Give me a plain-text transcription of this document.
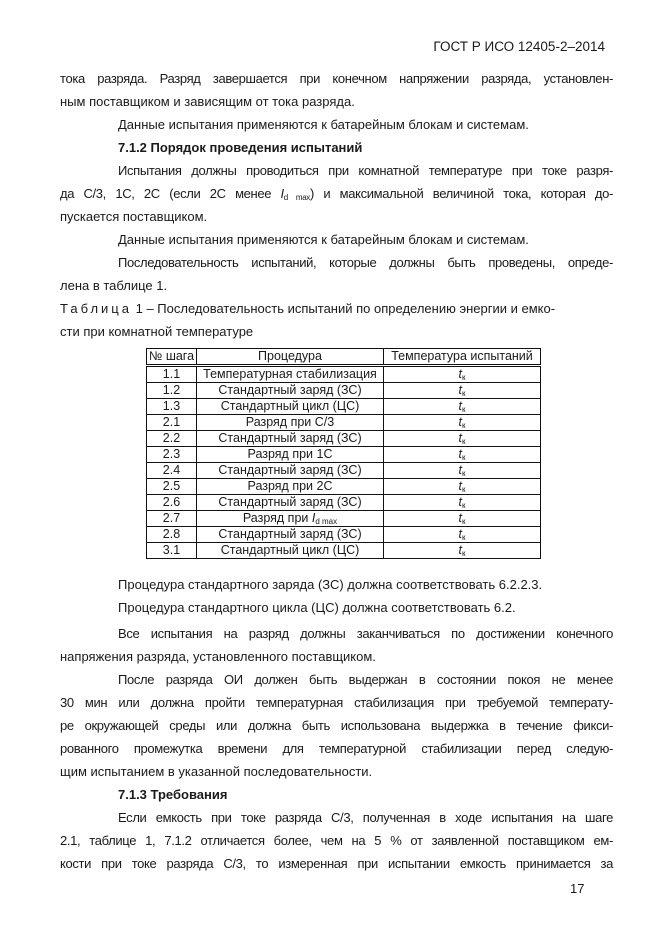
ГОСТ Р ИСО 12405-2–2014
тока разряда. Разряд завершается при конечном напряжении разряда, установлен-
ным поставщиком и зависящим от тока разряда.
Данные испытания применяются к батарейным блокам и системам.
7.1.2 Порядок проведения испытаний
Испытания должны проводиться при комнатной температуре при токе разря-
да С/3, 1С, 2С (если 2С менее $I_{d max}$) и максимальной величиной тока, которая до-
пускается поставщиком.
Данные испытания применяются к батарейным блокам и системам.
Последовательность испытаний, которые должны быть проведены, опреде-
лена в таблице 1.
Таблица 1 – Последовательность испытаний по определению энергии и емко-
сти при комнатной температуре
№ шага	Процедура	Температура испытаний
1.1	Температурная стабилизация	$t_к$
1.2	Стандартный заряд (ЗС)	$t_к$
1.3	Стандартный цикл (ЦС)	$t_к$
2.1	Разряд при С/3	$t_к$
2.2	Стандартный заряд (ЗС)	$t_к$
2.3	Разряд при 1С	$t_к$
2.4	Стандартный заряд (ЗС)	$t_к$
2.5	Разряд при 2С	$t_к$
2.6	Стандартный заряд (ЗС)	$t_к$
2.7	Разряд при $I_{d max}$	$t_к$
2.8	Стандартный заряд (ЗС)	$t_к$
3.1	Стандартный цикл (ЦС)	$t_к$
Процедура стандартного заряда (ЗС) должна соответствовать 6.2.2.3.
Процедура стандартного цикла (ЦС) должна соответствовать 6.2.
Все испытания на разряд должны заканчиваться по достижении конечного
напряжения разряда, установленного поставщиком.
После разряда ОИ должен быть выдержан в состоянии покоя не менее
30 мин или должна пройти температурная стабилизация при требуемой температу-
ре окружающей среды или должна быть использована выдержка в течение фикси-
рованного промежутка времени для температурной стабилизации перед следую-
щим испытанием в указанной последовательности.
7.1.3 Требования
Если емкость при токе разряда С/3, полученная в ходе испытания на шаге
2.1, таблице 1, 7.1.2 отличается более, чем на 5 % от заявленной поставщиком ем-
кости при токе разряда С/3, то измеренная при испытании емкость принимается за
17
